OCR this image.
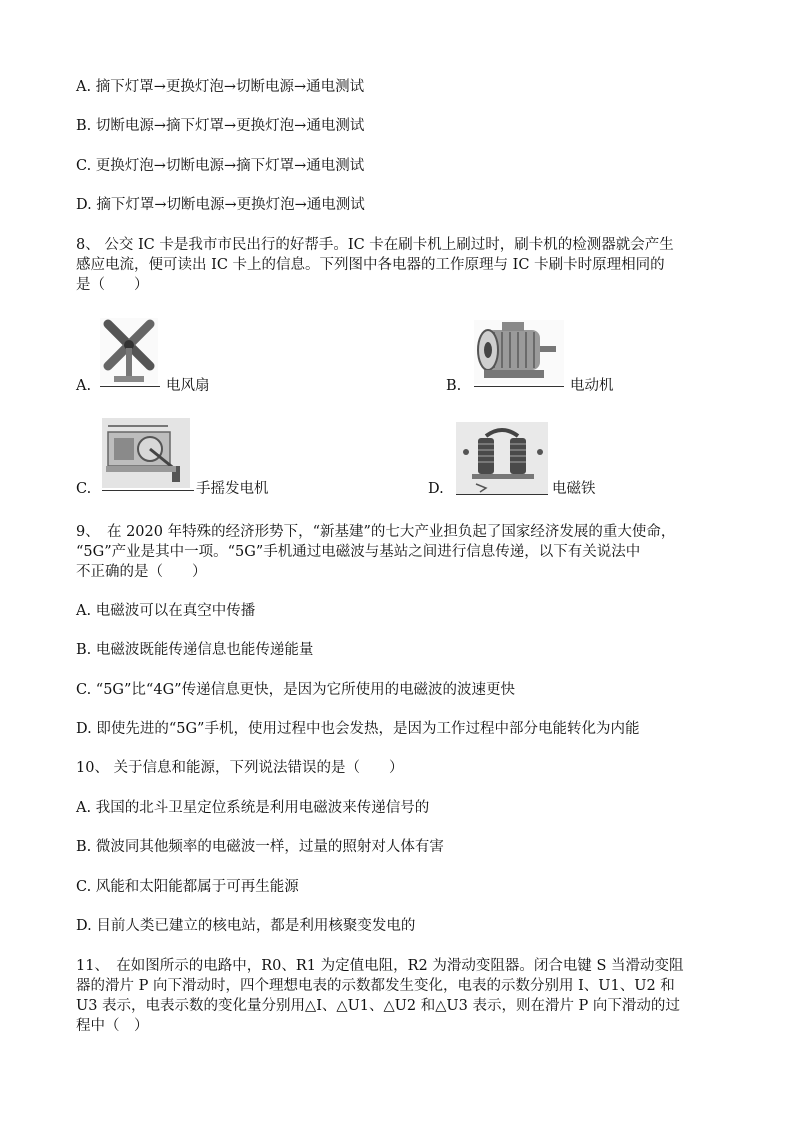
A. 摘下灯罩→更换灯泡→切断电源→通电测试
B. 切断电源→摘下灯罩→更换灯泡→通电测试
C. 更换灯泡→切断电源→摘下灯罩→通电测试
D. 摘下灯罩→切断电源→更换灯泡→通电测试
8、 公交 IC 卡是我市市民出行的好帮手。IC 卡在刷卡机上刷过时，刷卡机的检测器就会产生
感应电流，便可读出 IC 卡上的信息。下列图中各电器的工作原理与 IC 卡刷卡时原理相同的
是（　　）
A.	电风扇	B.	电动机
C.	手摇发电机	D.	电磁铁
9、　在 2020 年特殊的经济形势下，“新基建”的七大产业担负起了国家经济发展的重大使命，
“5G”产业是其中一项。“5G”手机通过电磁波与基站之间进行信息传递，以下有关说法中
不正确的是（　　）
A. 电磁波可以在真空中传播
B. 电磁波既能传递信息也能传递能量
C. “5G”比“4G”传递信息更快，是因为它所使用的电磁波的波速更快
D. 即使先进的“5G”手机，使用过程中也会发热，是因为工作过程中部分电能转化为内能
10、 关于信息和能源，下列说法错误的是（　　）
A. 我国的北斗卫星定位系统是利用电磁波来传递信号的
B. 微波同其他频率的电磁波一样，过量的照射对人体有害
C. 风能和太阳能都属于可再生能源
D. 目前人类已建立的核电站，都是利用核聚变发电的
11、　在如图所示的电路中，R0、R1 为定值电阻，R2 为滑动变阻器。闭合电键 S 当滑动变阻
器的滑片 P 向下滑动时，四个理想电表的示数都发生变化，电表的示数分别用 I、U1、U2 和
U3 表示，电表示数的变化量分别用△I、△U1、△U2 和△U3 表示，则在滑片 P 向下滑动的过
程中（　）
